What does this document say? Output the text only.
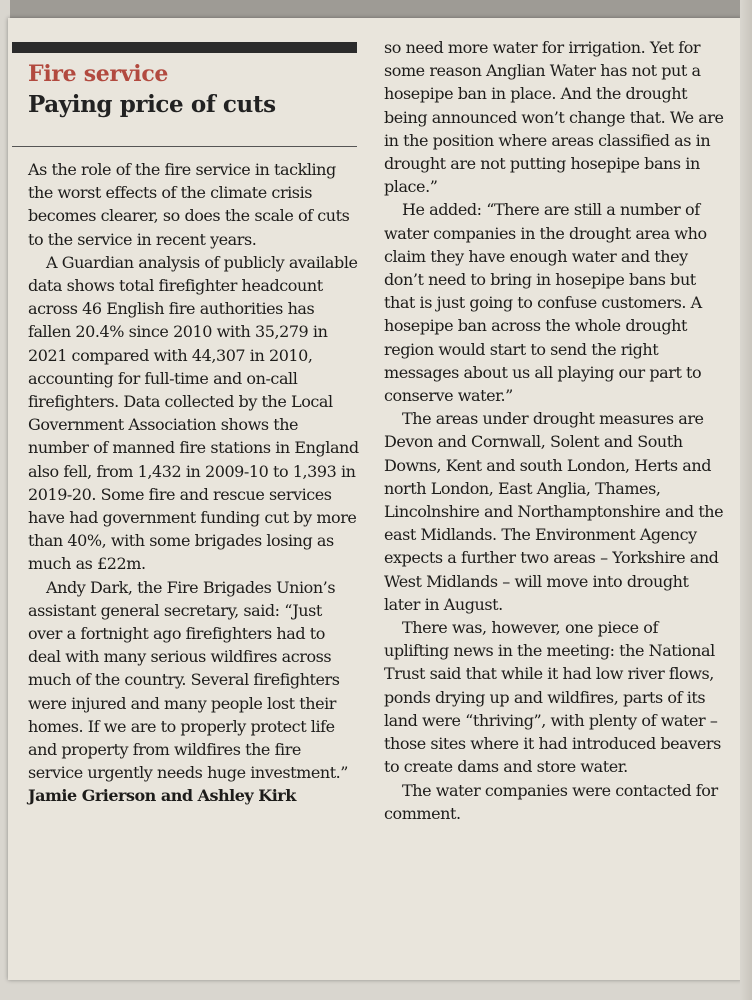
Fire service
Paying price of cuts

As the role of the fire service in tackling the worst effects of the climate crisis becomes clearer, so does the scale of cuts to the service in recent years.

A Guardian analysis of publicly available data shows total firefighter headcount across 46 English fire authorities has fallen 20.4% since 2010 with 35,279 in 2021 compared with 44,307 in 2010, accounting for full-time and on-call firefighters. Data collected by the Local Government Association shows the number of manned fire stations in England also fell, from 1,432 in 2009-10 to 1,393 in 2019-20. Some fire and rescue services have had government funding cut by more than 40%, with some brigades losing as much as £22m.

Andy Dark, the Fire Brigades Union’s assistant general secretary, said: “Just over a fortnight ago firefighters had to deal with many serious wildfires across much of the country. Several firefighters were injured and many people lost their homes. If we are to properly protect life and property from wildfires the fire service urgently needs huge investment.”

Jamie Grierson and Ashley Kirk

so need more water for irrigation. Yet for some reason Anglian Water has not put a hosepipe ban in place. And the drought being announced won’t change that. We are in the position where areas classified as in drought are not putting hosepipe bans in place.”

He added: “There are still a number of water companies in the drought area who claim they have enough water and they don’t need to bring in hosepipe bans but that is just going to confuse customers. A hosepipe ban across the whole drought region would start to send the right messages about us all playing our part to conserve water.”

The areas under drought measures are Devon and Cornwall, Solent and South Downs, Kent and south London, Herts and north London, East Anglia, Thames, Lincolnshire and Northamptonshire and the east Midlands. The Environment Agency expects a further two areas – Yorkshire and West Midlands – will move into drought later in August.

There was, however, one piece of uplifting news in the meeting: the National Trust said that while it had low river flows, ponds drying up and wildfires, parts of its land were “thriving”, with plenty of water – those sites where it had introduced beavers to create dams and store water.

The water companies were contacted for comment.
